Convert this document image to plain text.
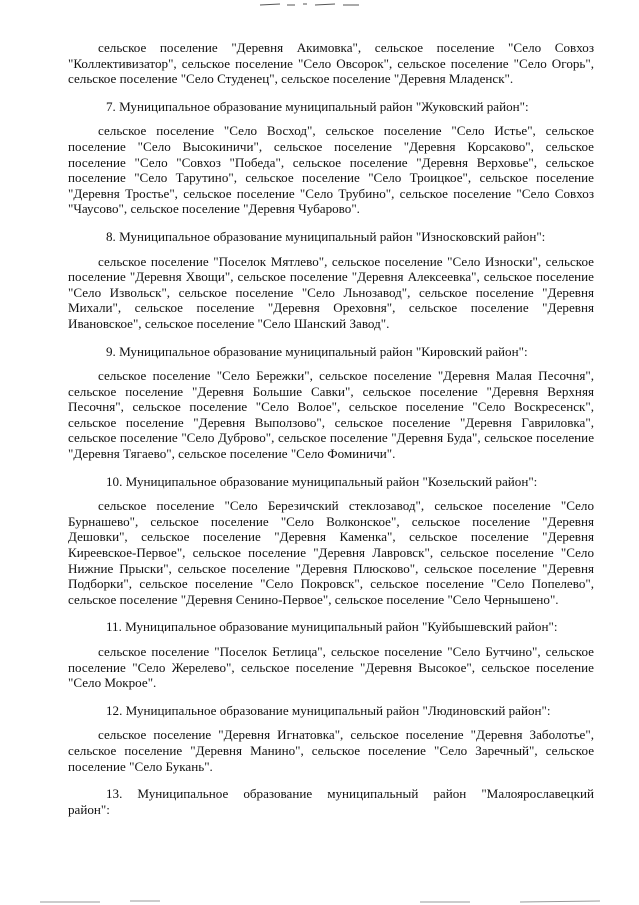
сельское поселение "Деревня Акимовка", сельское поселение "Село Совхоз "Коллективизатор", сельское поселение "Село Овсорок", сельское поселение "Село Огорь", сельское поселение "Село Студенец", сельское поселение "Деревня Младенск".

7. Муниципальное образование муниципальный район "Жуковский район":

сельское поселение "Село Восход", сельское поселение "Село Истье", сельское поселение "Село Высокиничи", сельское поселение "Деревня Корсаково", сельское поселение "Село "Совхоз "Победа", сельское поселение "Деревня Верховье", сельское поселение "Село Тарутино", сельское поселение "Село Троицкое", сельское поселение "Деревня Тростье", сельское поселение "Село Трубино", сельское поселение "Село Совхоз "Чаусово", сельское поселение "Деревня Чубарово".

8. Муниципальное образование муниципальный район "Износковский район":

сельское поселение "Поселок Мятлево", сельское поселение "Село Износки", сельское поселение "Деревня Хвощи", сельское поселение "Деревня Алексеевка", сельское поселение "Село Извольск", сельское поселение "Село Льнозавод", сельское поселение "Деревня Михали", сельское поселение "Деревня Ореховня", сельское поселение "Деревня Ивановское", сельское поселение "Село Шанский Завод".

9. Муниципальное образование муниципальный район "Кировский район":

сельское поселение "Село Бережки", сельское поселение "Деревня Малая Песочня", сельское поселение "Деревня Большие Савки", сельское поселение "Деревня Верхняя Песочня", сельское поселение "Село Волое", сельское поселение "Село Воскресенск", сельское поселение "Деревня Выползово", сельское поселение "Деревня Гавриловка", сельское поселение "Село Дуброво", сельское поселение "Деревня Буда", сельское поселение "Деревня Тягаево", сельское поселение "Село Фоминичи".

10. Муниципальное образование муниципальный район "Козельский район":

сельское поселение "Село Березичский стеклозавод", сельское поселение "Село Бурнашево", сельское поселение "Село Волконское", сельское поселение "Деревня Дешовки", сельское поселение "Деревня Каменка", сельское поселение "Деревня Киреевское-Первое", сельское поселение "Деревня Лавровск", сельское поселение "Село Нижние Прыски", сельское поселение "Деревня Плюсково", сельское поселение "Деревня Подборки", сельское поселение "Село Покровск", сельское поселение "Село Попелево", сельское поселение "Деревня Сенино-Первое", сельское поселение "Село Чернышено".

11. Муниципальное образование муниципальный район "Куйбышевский район":

сельское поселение "Поселок Бетлица", сельское поселение "Село Бутчино", сельское поселение "Село Жерелево", сельское поселение "Деревня Высокое", сельское поселение "Село Мокрое".

12. Муниципальное образование муниципальный район "Людиновский район":

сельское поселение "Деревня Игнатовка", сельское поселение "Деревня Заболотье", сельское поселение "Деревня Манино", сельское поселение "Село Заречный", сельское поселение "Село Букань".

13. Муниципальное образование муниципальный район "Малоярославецкий

район":
